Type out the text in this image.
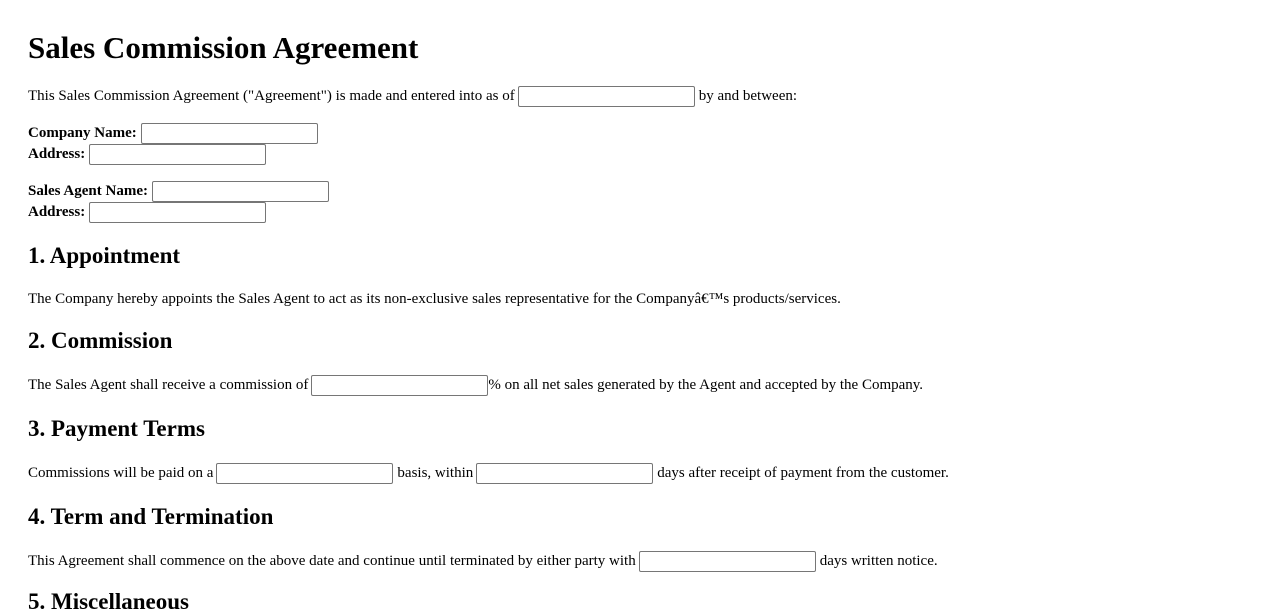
Sales Commission Agreement
This Sales Commission Agreement ("Agreement") is made and entered into as of	by and between:
Company Name:
Address:
Sales Agent Name:
Address:
1. Appointment
The Company hereby appoints the Sales Agent to act as its non-exclusive sales representative for the Companyâ€™s products/services.
2. Commission
The Sales Agent shall receive a commission of	% on all net sales generated by the Agent and accepted by the Company.
3. Payment Terms
Commissions will be paid on a	basis, within	days after receipt of payment from the customer.
4. Term and Termination
This Agreement shall commence on the above date and continue until terminated by either party with	days written notice.
5. Miscellaneous
